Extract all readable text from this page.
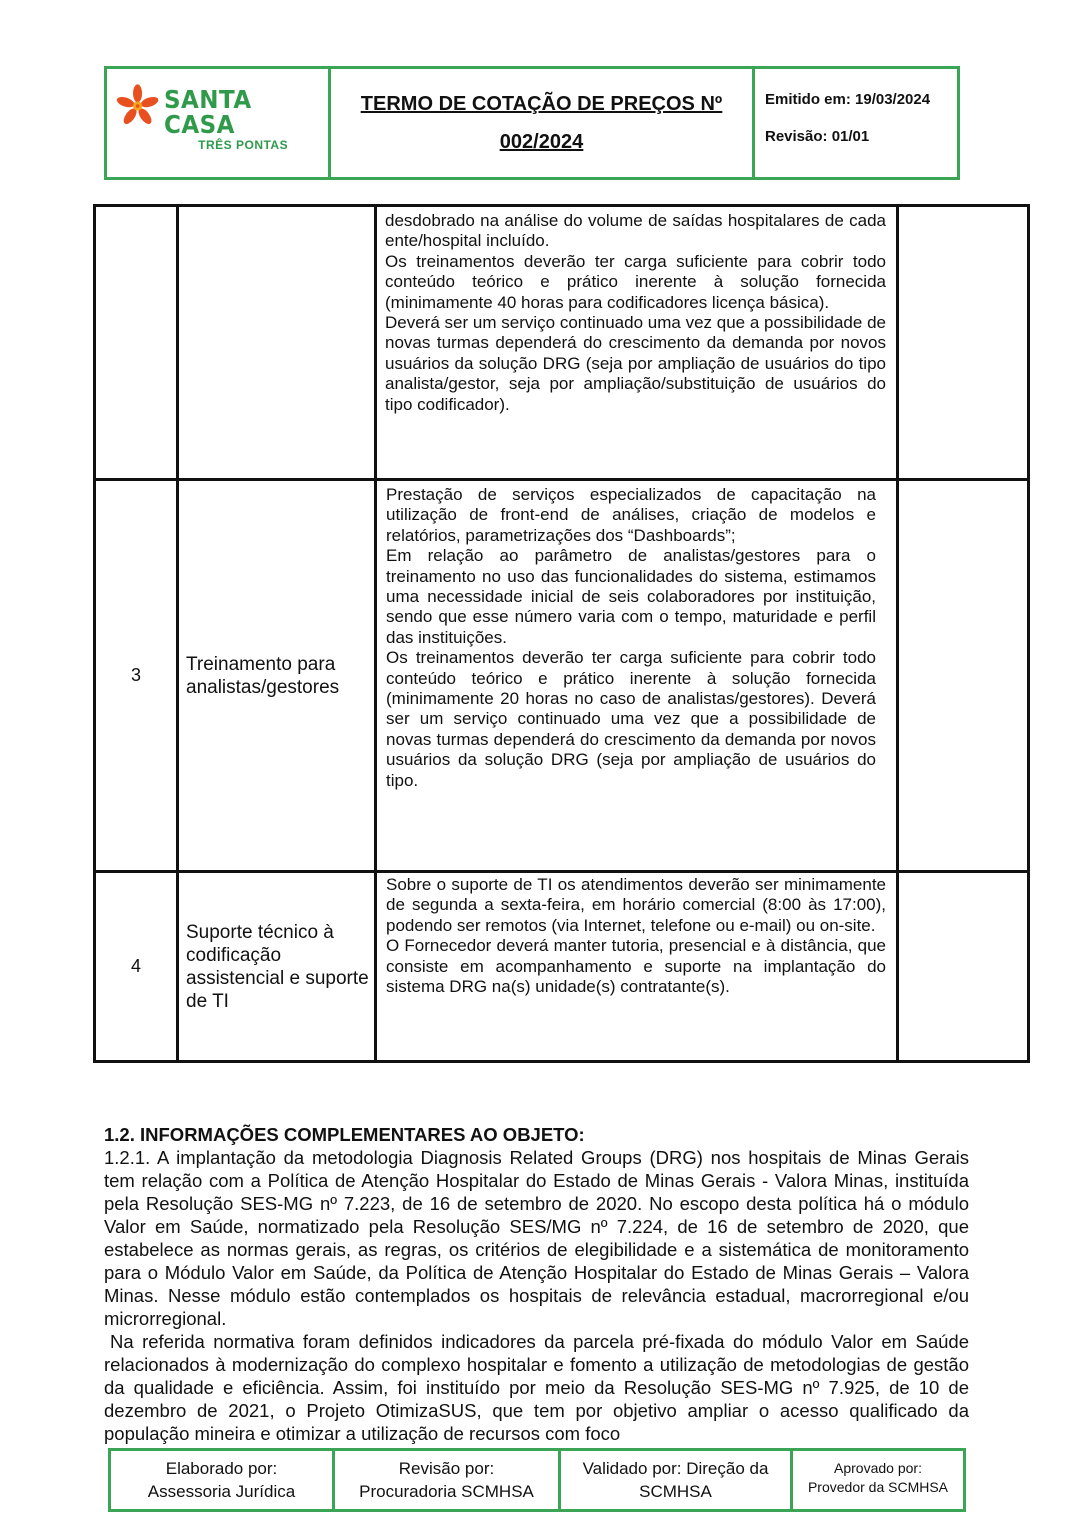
SANTA CASA
TRÊS PONTAS
TERMO DE COTAÇÃO DE PREÇOS Nº
002/2024
Emitido em: 19/03/2024
Revisão: 01/01

		desdobrado na análise do volume de saídas hospitalares de cada ente/hospital incluído.

Os treinamentos deverão ter carga suficiente para cobrir todo conteúdo teórico e prático inerente à solução fornecida (minimamente 40 horas para codificadores licença básica).

Deverá ser um serviço continuado uma vez que a possibilidade de novas turmas dependerá do crescimento da demanda por novos usuários da solução DRG (seja por ampliação de usuários do tipo analista/gestor, seja por ampliação/substituição de usuários do tipo codificador).	

3	Treinamento para analistas/gestores	Prestação de serviços especializados de capacitação na utilização de front-end de análises, criação de modelos e relatórios, parametrizações dos “Dashboards”;

Em relação ao parâmetro de analistas/gestores para o treinamento no uso das funcionalidades do sistema, estimamos uma necessidade inicial de seis colaboradores por instituição, sendo que esse número varia com o tempo, maturidade e perfil das instituições.

Os treinamentos deverão ter carga suficiente para cobrir todo conteúdo teórico e prático inerente à solução fornecida (minimamente 20 horas no caso de analistas/gestores). Deverá ser um serviço continuado uma vez que a possibilidade de novas turmas dependerá do crescimento da demanda por novos usuários da solução DRG (seja por ampliação de usuários do tipo.	

4	Suporte técnico à codificação assistencial e suporte de TI	Sobre o suporte de TI os atendimentos deverão ser minimamente de segunda a sexta-feira, em horário comercial (8:00 às 17:00), podendo ser remotos (via Internet, telefone ou e-mail) ou on-site.

O Fornecedor deverá manter tutoria, presencial e à distância, que consiste em acompanhamento e suporte na implantação do sistema DRG na(s) unidade(s) contratante(s).	

1.2. INFORMAÇÕES COMPLEMENTARES AO OBJETO:

1.2.1. A implantação da metodologia Diagnosis Related Groups (DRG) nos hospitais de Minas Gerais tem relação com a Política de Atenção Hospitalar do Estado de Minas Gerais - Valora Minas, instituída pela Resolução SES-MG nº 7.223, de 16 de setembro de 2020. No escopo desta política há o módulo Valor em Saúde, normatizado pela Resolução SES/MG nº 7.224, de 16 de setembro de 2020, que estabelece as normas gerais, as regras, os critérios de elegibilidade e a sistemática de monitoramento para o Módulo Valor em Saúde, da Política de Atenção Hospitalar do Estado de Minas Gerais – Valora Minas. Nesse módulo estão contemplados os hospitais de relevância estadual, macrorregional e/ou microrregional.

Na referida normativa foram definidos indicadores da parcela pré-fixada do módulo Valor em Saúde relacionados à modernização do complexo hospitalar e fomento a utilização de metodologias de gestão da qualidade e eficiência. Assim, foi instituído por meio da Resolução SES-MG nº 7.925, de 10 de dezembro de 2021, o Projeto OtimizaSUS, que tem por objetivo ampliar o acesso qualificado da população mineira e otimizar a utilização de recursos com foco

Elaborado por:
Assessoria Jurídica
Revisão por:
Procuradoria SCMHSA
Validado por: Direção da
SCMHSA
Aprovado por:
Provedor da SCMHSA
